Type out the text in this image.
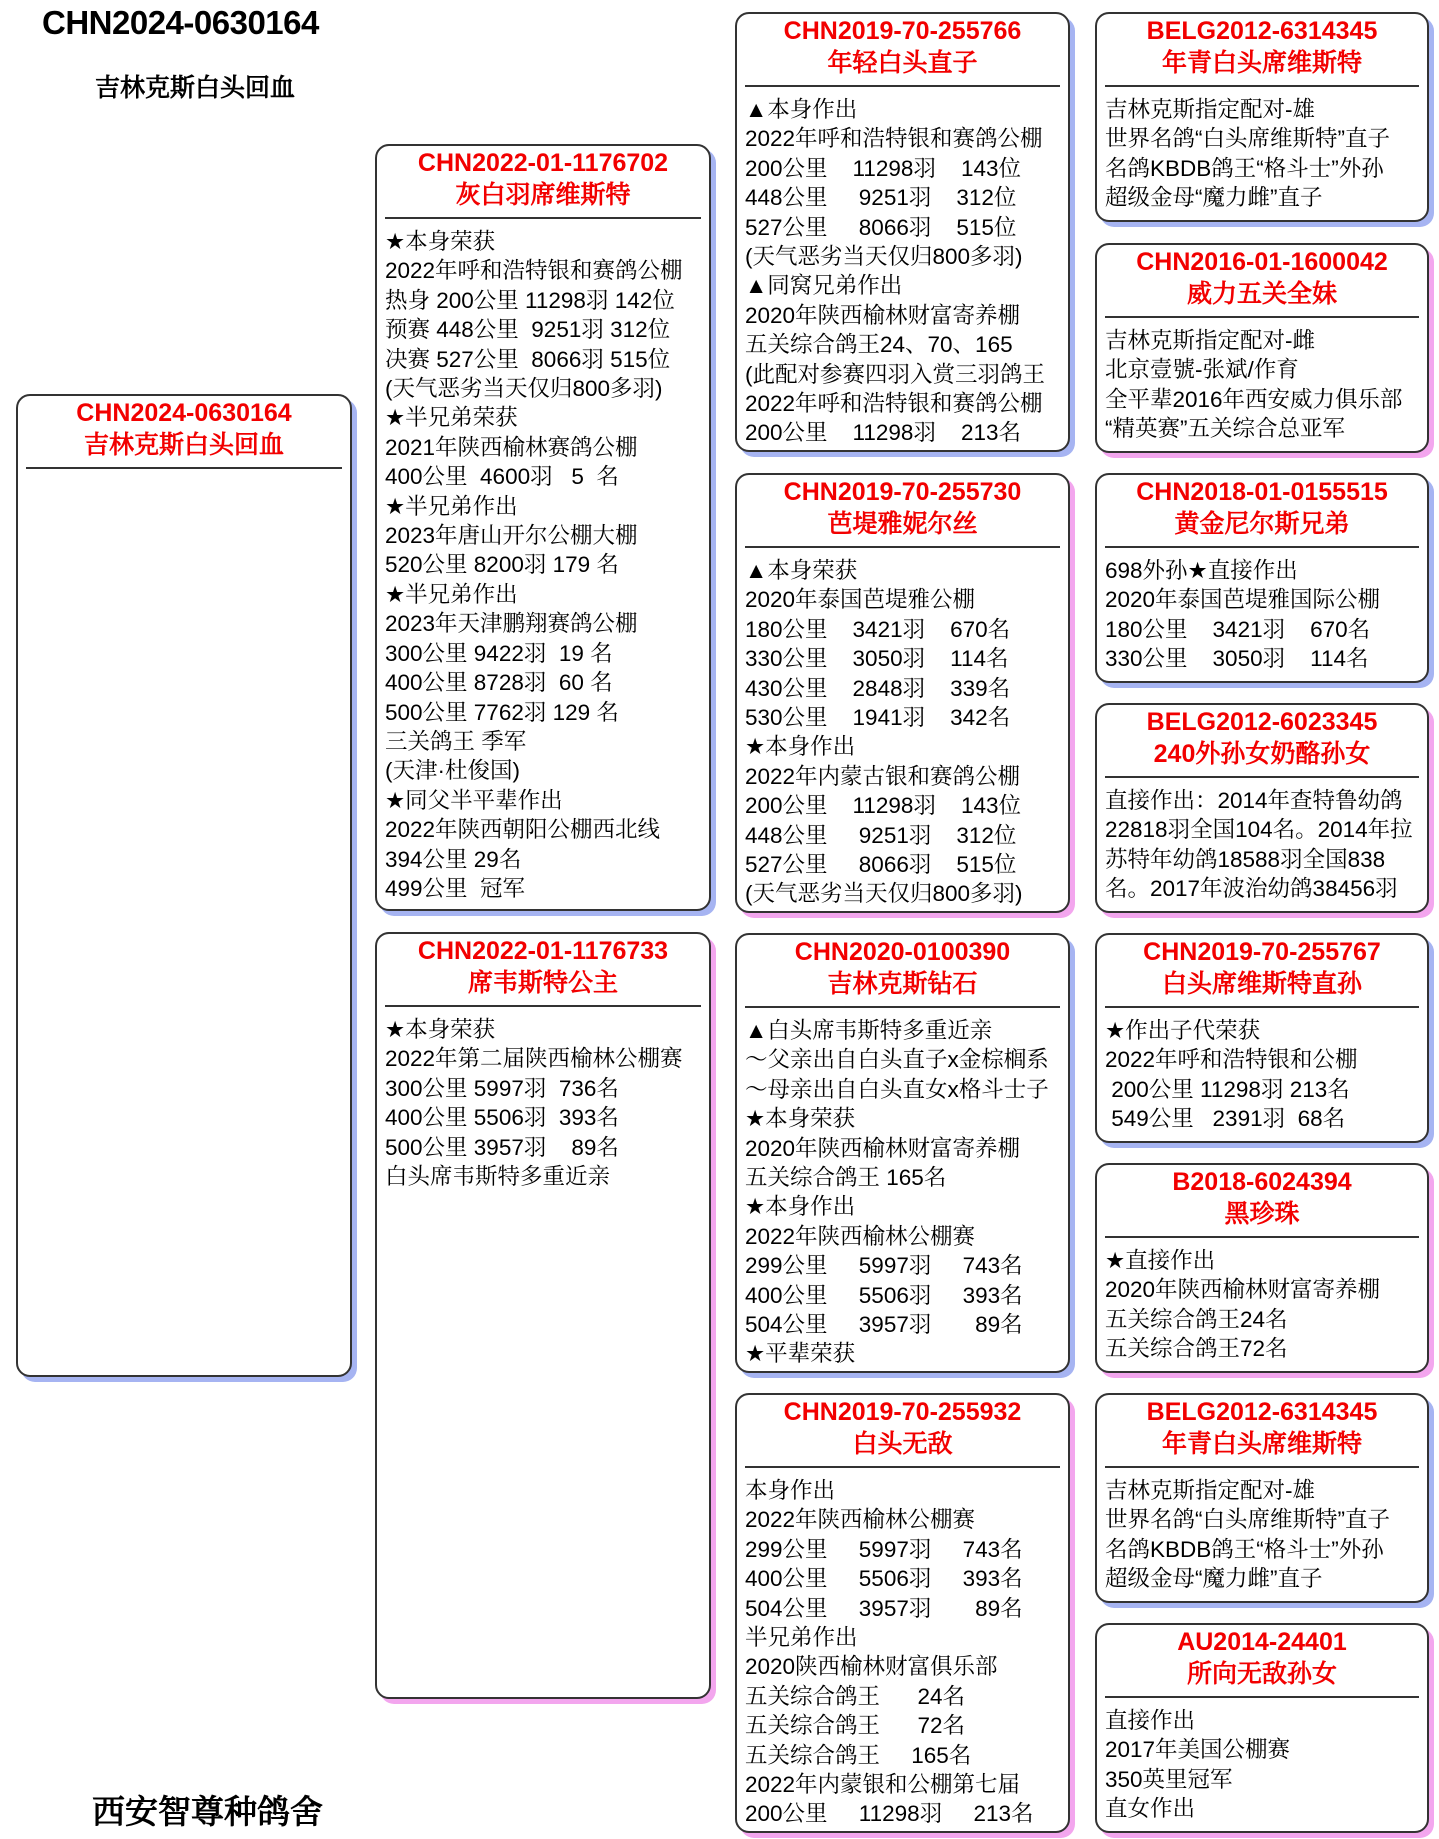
CHN2024-0630164
吉林克斯白头回血
CHN2024-0630164
吉林克斯白头回血
CHN2022-01-1176702
灰白羽席维斯特
★本身荣获
2022年呼和浩特银和赛鸽公棚
热身 200公里 11298羽 142位
预赛 448公里  9251羽 312位
决赛 527公里  8066羽 515位
(天气恶劣当天仅归800多羽)
★半兄弟荣获
2021年陕西榆林赛鸽公棚
400公里  4600羽   5  名
★半兄弟作出
2023年唐山开尔公棚大棚
520公里 8200羽 179 名
★半兄弟作出
2023年天津鹏翔赛鸽公棚
300公里 9422羽  19 名
400公里 8728羽  60 名
500公里 7762羽 129 名
三关鸽王 季军
(天津·杜俊国)
★同父半平辈作出
2022年陕西朝阳公棚西北线
394公里 29名
499公里  冠军
CHN2022-01-1176733
席韦斯特公主
★本身荣获
2022年第二届陕西榆林公棚赛
300公里 5997羽  736名
400公里 5506羽  393名
500公里 3957羽    89名
白头席韦斯特多重近亲
CHN2019-70-255766
年轻白头直子
▲本身作出
2022年呼和浩特银和赛鸽公棚
200公里    11298羽    143位
448公里     9251羽    312位
527公里     8066羽    515位
(天气恶劣当天仅归800多羽)
▲同窝兄弟作出
2020年陕西榆林财富寄养棚
五关综合鸽王24、70、165
(此配对参赛四羽入赏三羽鸽王
2022年呼和浩特银和赛鸽公棚
200公里    11298羽    213名
CHN2019-70-255730
芭堤雅妮尔丝
▲本身荣获
2020年泰国芭堤雅公棚
180公里    3421羽    670名
330公里    3050羽    114名
430公里    2848羽    339名
530公里    1941羽    342名
★本身作出
2022年内蒙古银和赛鸽公棚
200公里    11298羽    143位
448公里     9251羽    312位
527公里     8066羽    515位
(天气恶劣当天仅归800多羽)
CHN2020-0100390
吉林克斯钻石
▲白头席韦斯特多重近亲
～父亲出自白头直子x金棕榈系
～母亲出自白头直女x格斗士子
★本身荣获
2020年陕西榆林财富寄养棚
五关综合鸽王 165名
★本身作出
2022年陕西榆林公棚赛
299公里     5997羽     743名
400公里     5506羽     393名
504公里     3957羽       89名
★平辈荣获
CHN2019-70-255932
白头无敌
本身作出
2022年陕西榆林公棚赛
299公里     5997羽     743名
400公里     5506羽     393名
504公里     3957羽       89名
半兄弟作出
2020陕西榆林财富俱乐部
五关综合鸽王      24名
五关综合鸽王      72名
五关综合鸽王     165名
2022年内蒙银和公棚第七届
200公里     11298羽     213名
BELG2012-6314345
年青白头席维斯特
吉林克斯指定配对-雄
世界名鸽“白头席维斯特”直子
名鸽KBDB鸽王“格斗士”外孙
超级金母“魔力雌”直子
CHN2016-01-1600042
威力五关全妹
吉林克斯指定配对-雌
北京壹號-张斌/作育
全平辈2016年西安威力俱乐部
“精英赛”五关综合总亚军
CHN2018-01-0155515
黄金尼尔斯兄弟
698外孙★直接作出
2020年泰国芭堤雅国际公棚
180公里    3421羽    670名
330公里    3050羽    114名
BELG2012-6023345
240外孙女奶酪孙女
直接作出：2014年查特鲁幼鸽
22818羽全国104名。2014年拉
苏特年幼鸽18588羽全国838
名。2017年波治幼鸽38456羽
CHN2019-70-255767
白头席维斯特直孙
★作出子代荣获
2022年呼和浩特银和公棚
200公里 11298羽 213名
549公里   2391羽  68名
B2018-6024394
黑珍珠
★直接作出
2020年陕西榆林财富寄养棚
五关综合鸽王24名
五关综合鸽王72名
BELG2012-6314345
年青白头席维斯特
吉林克斯指定配对-雄
世界名鸽“白头席维斯特”直子
名鸽KBDB鸽王“格斗士”外孙
超级金母“魔力雌”直子
AU2014-24401
所向无敌孙女
直接作出
2017年美国公棚赛
350英里冠军
直女作出
西安智尊种鸽舍
